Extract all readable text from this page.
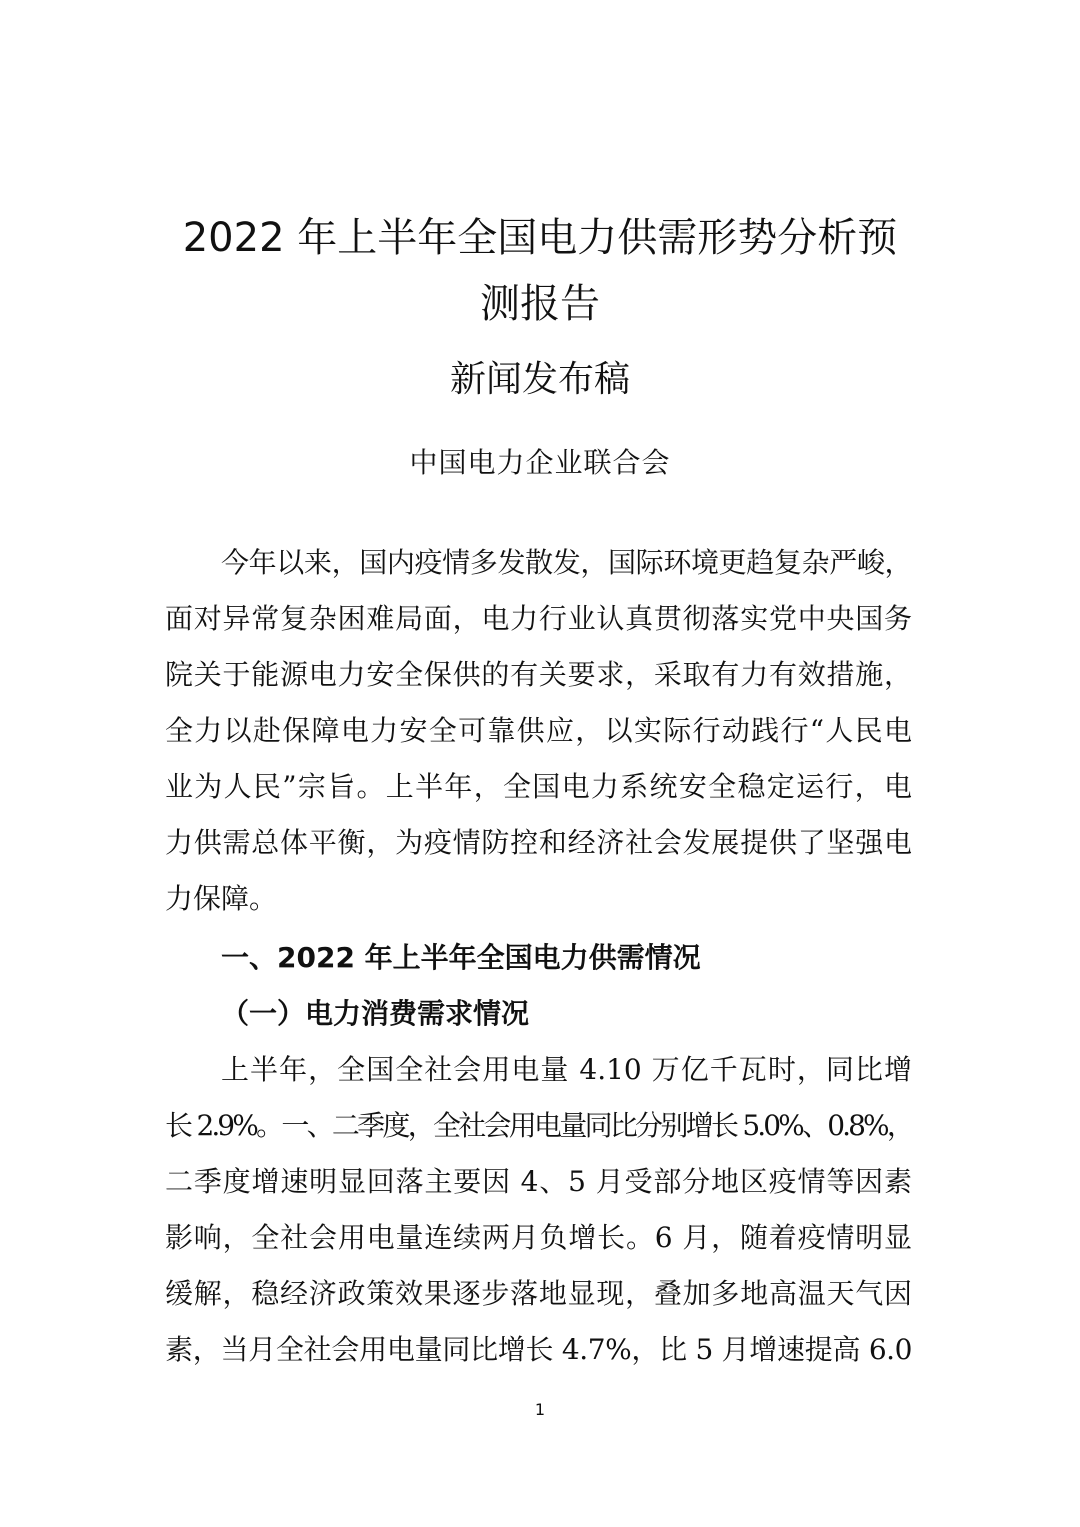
2022 年上半年全国电力供需形势分析预
测报告
新闻发布稿
中国电力企业联合会
今年以来，国内疫情多发散发，国际环境更趋复杂严峻，
面对异常复杂困难局面，电力行业认真贯彻落实党中央国务
院关于能源电力安全保供的有关要求，采取有力有效措施，
全力以赴保障电力安全可靠供应，以实际行动践行“人民电
业为人民”宗旨。上半年，全国电力系统安全稳定运行，电
力供需总体平衡，为疫情防控和经济社会发展提供了坚强电
力保障。
一、2022 年上半年全国电力供需情况
（一）电力消费需求情况
上半年，全国全社会用电量 4.10 万亿千瓦时，同比增
长 2.9%。一、二季度，全社会用电量同比分别增长 5.0%、0.8%，
二季度增速明显回落主要因 4、5 月受部分地区疫情等因素
影响，全社会用电量连续两月负增长。6 月，随着疫情明显
缓解，稳经济政策效果逐步落地显现，叠加多地高温天气因
素，当月全社会用电量同比增长 4.7%，比 5 月增速提高 6.0
1
